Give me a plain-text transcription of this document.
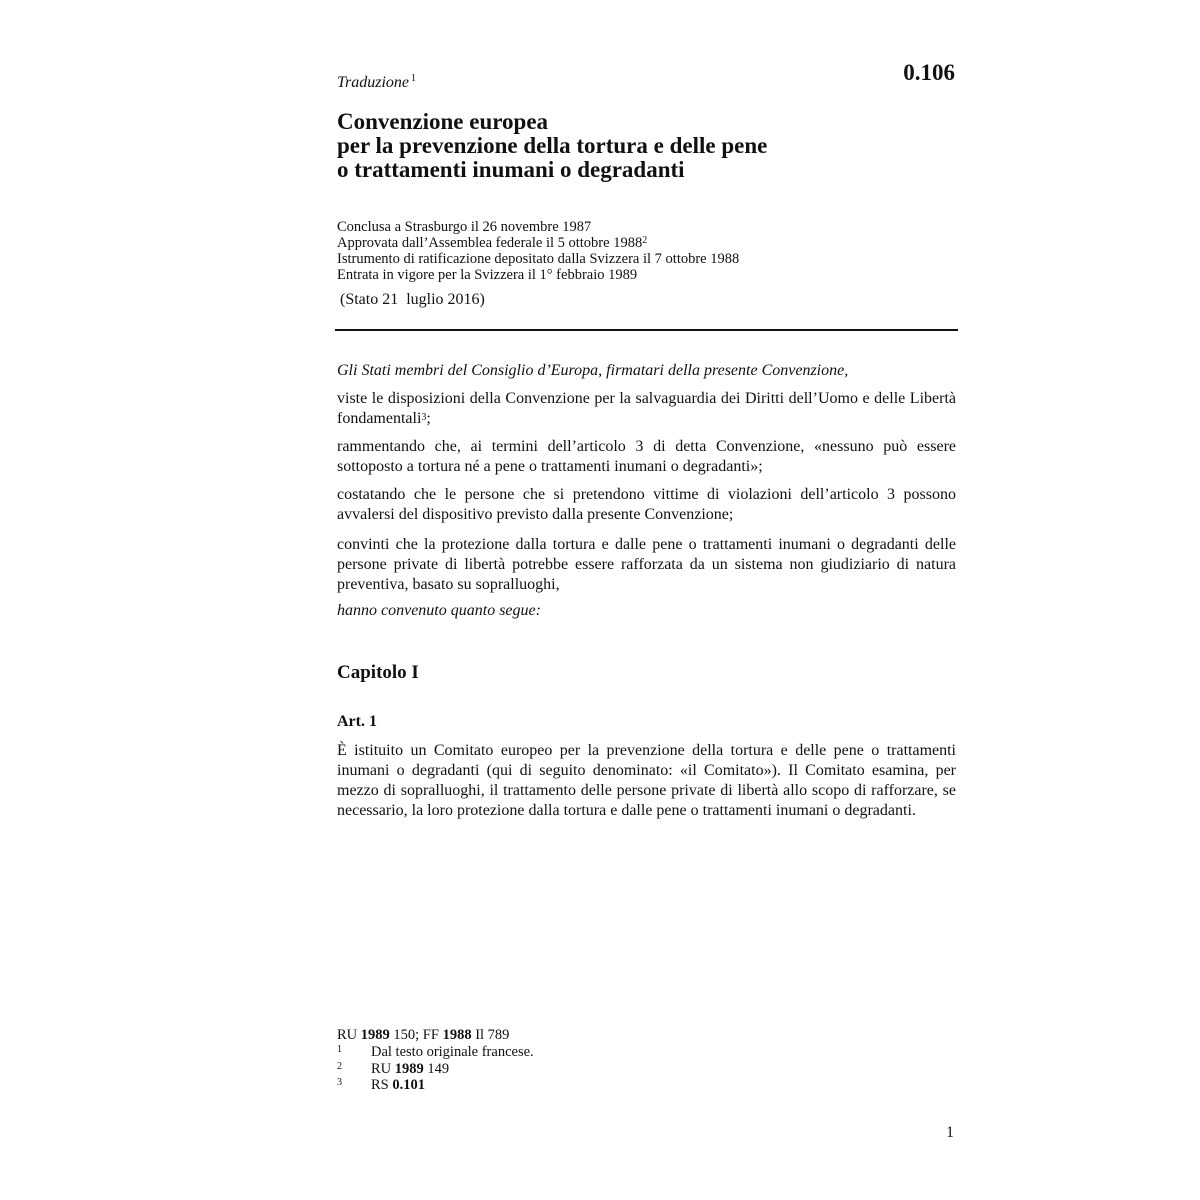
Traduzione $^1$	0.106
Convenzione europea
per la prevenzione della tortura e delle pene
o trattamenti inumani o degradanti
Conclusa a Strasburgo il 26 novembre 1987
Approvata dall’Assemblea federale il 5 ottobre 1988$^2$
Istrumento di ratificazione depositato dalla Svizzera il 7 ottobre 1988
Entrata in vigore per la Svizzera il 1° febbraio 1989
(Stato 21  luglio 2016)
Gli Stati membri del Consiglio d’Europa, firmatari della presente Convenzione,
viste le disposizioni della Convenzione per la salvaguardia dei Diritti dell’Uomo e delle Libertà fondamentali$^3$;
rammentando che, ai termini dell’articolo 3 di detta Convenzione, «nessuno può essere sottoposto a tortura né a pene o trattamenti inumani o degradanti»;
costatando che le persone che si pretendono vittime di violazioni dell’articolo 3 possono avvalersi del dispositivo previsto dalla presente Convenzione;
convinti che la protezione dalla tortura e dalle pene o trattamenti inumani o degradanti delle persone private di libertà potrebbe essere rafforzata da un sistema non giudiziario di natura preventiva, basato su sopralluoghi,
hanno convenuto quanto segue:
Capitolo I
Art. 1
È istituito un Comitato europeo per la prevenzione della tortura e delle pene o trattamenti inumani o degradanti (qui di seguito denominato: «il Comitato»). Il Comitato esamina, per mezzo di sopralluoghi, il trattamento delle persone private di libertà allo scopo di rafforzare, se necessario, la loro protezione dalla tortura e dalle pene o trattamenti inumani o degradanti.
RU 1989 150; FF 1988 Il 789
1 Dal testo originale francese.
2 RU 1989 149
3 RS 0.101
1
